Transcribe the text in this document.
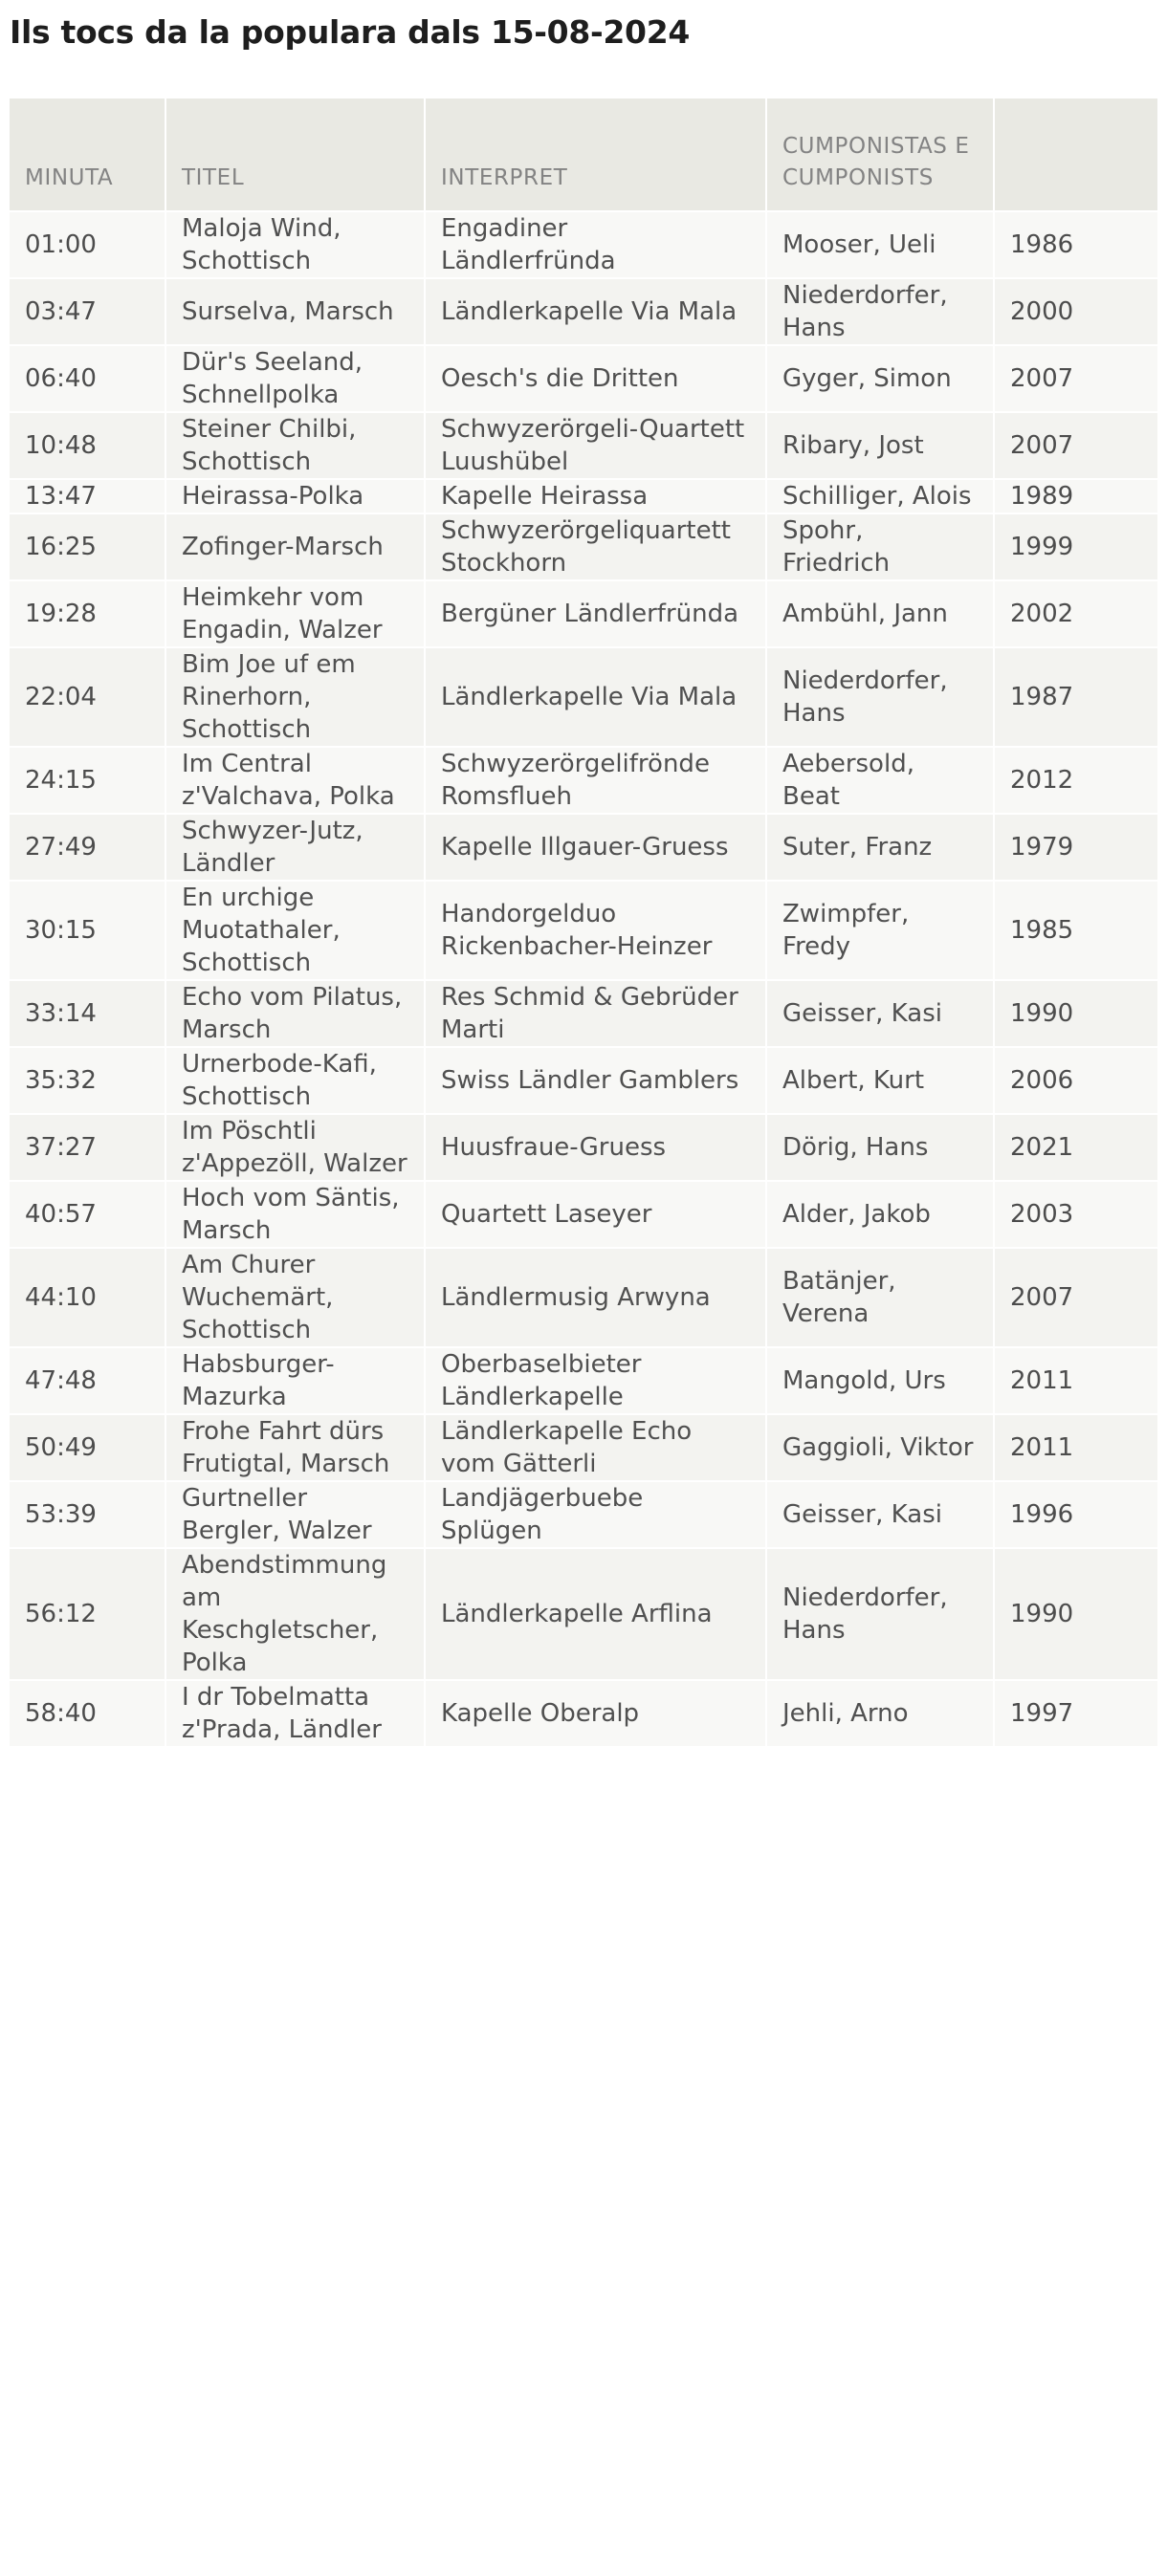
Ils tocs da la populara dals 15-08-2024
MINUTA	TITEL	INTERPRET	CUMPONISTAS E CUMPONISTS	
01:00	Maloja Wind, Schottisch	Engadiner Ländlerfründa	Mooser, Ueli	1986
03:47	Surselva, Marsch	Ländlerkapelle Via Mala	Niederdorfer, Hans	2000
06:40	Dür's Seeland, Schnellpolka	Oesch's die Dritten	Gyger, Simon	2007
10:48	Steiner Chilbi, Schottisch	Schwyzerörgeli-Quartett Luushübel	Ribary, Jost	2007
13:47	Heirassa-Polka	Kapelle Heirassa	Schilliger, Alois	1989
16:25	Zofinger-Marsch	Schwyzerörgeliquartett Stockhorn	Spohr, Friedrich	1999
19:28	Heimkehr vom Engadin, Walzer	Bergüner Ländlerfründa	Ambühl, Jann	2002
22:04	Bim Joe uf em Rinerhorn, Schottisch	Ländlerkapelle Via Mala	Niederdorfer, Hans	1987
24:15	Im Central z'Valchava, Polka	Schwyzerörgelifrönde Romsflueh	Aebersold, Beat	2012
27:49	Schwyzer-Jutz, Ländler	Kapelle Illgauer-Gruess	Suter, Franz	1979
30:15	En urchige Muotathaler, Schottisch	Handorgelduo Rickenbacher-Heinzer	Zwimpfer, Fredy	1985
33:14	Echo vom Pilatus, Marsch	Res Schmid & Gebrüder Marti	Geisser, Kasi	1990
35:32	Urnerbode-Kafi, Schottisch	Swiss Ländler Gamblers	Albert, Kurt	2006
37:27	Im Pöschtli z'Appezöll, Walzer	Huusfraue-Gruess	Dörig, Hans	2021
40:57	Hoch vom Säntis, Marsch	Quartett Laseyer	Alder, Jakob	2003
44:10	Am Churer Wuchemärt, Schottisch	Ländlermusig Arwyna	Batänjer, Verena	2007
47:48	Habsburger-Mazurka	Oberbaselbieter Ländlerkapelle	Mangold, Urs	2011
50:49	Frohe Fahrt dürs Frutigtal, Marsch	Ländlerkapelle Echo vom Gätterli	Gaggioli, Viktor	2011
53:39	Gurtneller Bergler, Walzer	Landjägerbuebe Splügen	Geisser, Kasi	1996
56:12	Abendstimmung am Keschgletscher, Polka	Ländlerkapelle Arflina	Niederdorfer, Hans	1990
58:40	I dr Tobelmatta z'Prada, Ländler	Kapelle Oberalp	Jehli, Arno	1997
